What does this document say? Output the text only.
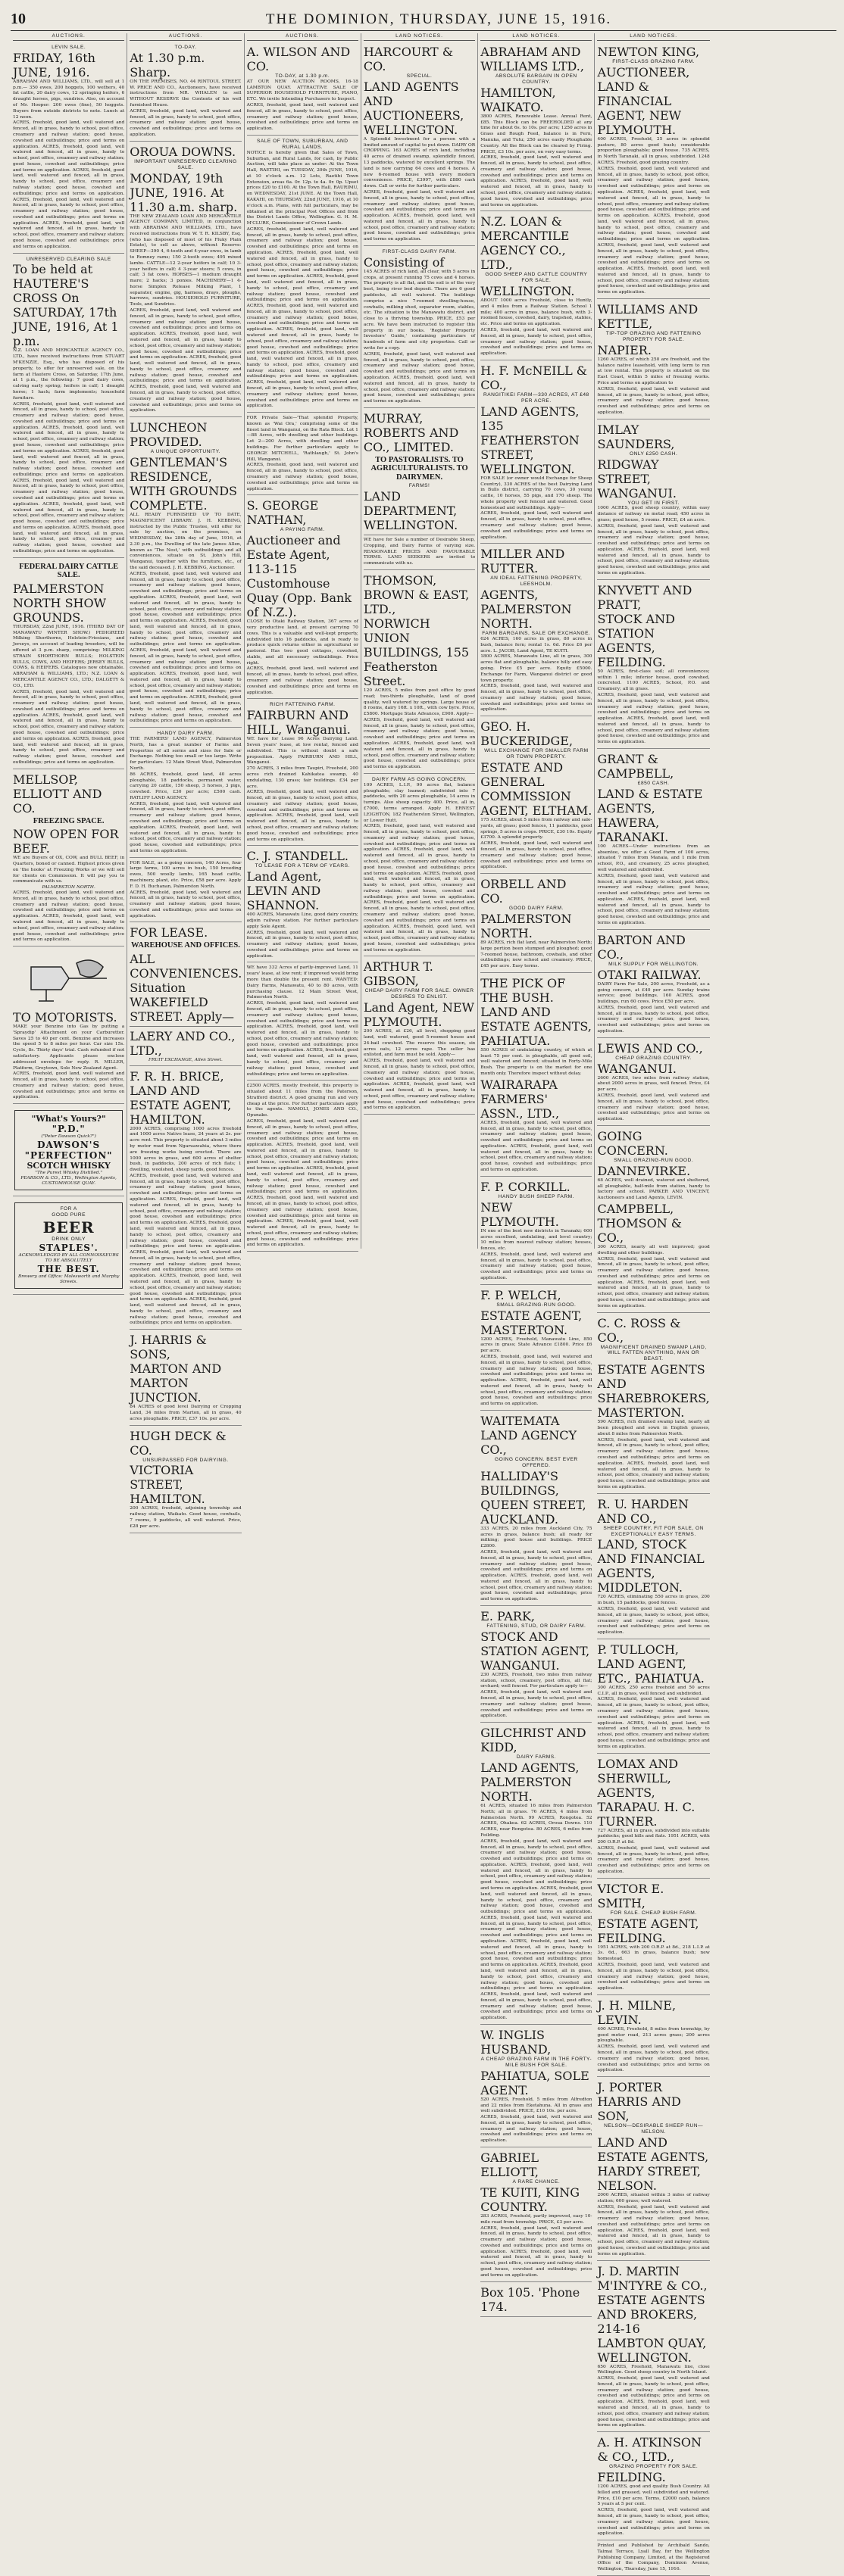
10	THE DOMINION, THURSDAY, JUNE 15, 1916.
AUCTIONS.
LEVIN SALE.
FRIDAY, 16th JUNE, 1916.
ABRAHAM AND WILLIAMS, LTD., will sell at 1 p.m.— 350 ewes, 200 hoggets, 100 wethers, 40 fat cattle, 20 dairy cows, 12 springing heifers, 6 draught horses, pigs, sundries. Also, on account of Mr. Hooper: 200 ewes (fine), 50 hoggets. Buyers from outside districts to note. Lunch at 12 noon.
ACRES, freehold, good land, well watered and fenced, all in grass, handy to school, post office, creamery and railway station; good house, cowshed and outbuildings; price and terms on application. ACRES, freehold, good land, well watered and fenced, all in grass, handy to school, post office, creamery and railway station; good house, cowshed and outbuildings; price and terms on application. ACRES, freehold, good land, well watered and fenced, all in grass, handy to school, post office, creamery and railway station; good house, cowshed and outbuildings; price and terms on application. ACRES, freehold, good land, well watered and fenced, all in grass, handy to school, post office, creamery and railway station; good house, cowshed and outbuildings; price and terms on application. ACRES, freehold, good land, well watered and fenced, all in grass, handy to school, post office, creamery and railway station; good house, cowshed and outbuildings; price and terms on application.
UNRESERVED CLEARING SALE
To be held at HAUTERE'S CROSS On SATURDAY, 17th JUNE, 1916, At 1 p.m.
N.Z. LOAN AND MERCANTILE AGENCY CO., LTD., have received instructions from STUART M'KENZIE, Esq., who has disposed of his property, to offer for unreserved sale, on the farm at Hautere Cross, on Saturday, 17th June, at 1 p.m., the following: 7 good dairy cows, calving early spring; heifers in calf; 1 draught horse; 1 hack; farm implements; household furniture.
ACRES, freehold, good land, well watered and fenced, all in grass, handy to school, post office, creamery and railway station; good house, cowshed and outbuildings; price and terms on application. ACRES, freehold, good land, well watered and fenced, all in grass, handy to school, post office, creamery and railway station; good house, cowshed and outbuildings; price and terms on application. ACRES, freehold, good land, well watered and fenced, all in grass, handy to school, post office, creamery and railway station; good house, cowshed and outbuildings; price and terms on application. ACRES, freehold, good land, well watered and fenced, all in grass, handy to school, post office, creamery and railway station; good house, cowshed and outbuildings; price and terms on application. ACRES, freehold, good land, well watered and fenced, all in grass, handy to school, post office, creamery and railway station; good house, cowshed and outbuildings; price and terms on application. ACRES, freehold, good land, well watered and fenced, all in grass, handy to school, post office, creamery and railway station; good house, cowshed and outbuildings; price and terms on application.
FEDERAL DAIRY CATTLE SALE.
PALMERSTON NORTH SHOW GROUNDS.
THURSDAY, 22nd JUNE, 1916. (THIRD DAY OF MANAWATU WINTER SHOW.) PEDIGREED Milking Shorthorns, Holstein-Friesians, and Jerseys, on account of leading breeders, will be offered at 3 p.m. sharp, comprising: MILKING STRAIN SHORTHORN BULLS; HOLSTEIN BULLS, COWS, AND HEIFERS; JERSEY BULLS, COWS, & HEIFERS. Catalogues now obtainable. ABRAHAM & WILLIAMS, LTD.; N.Z. LOAN & MERCANTILE AGENCY CO., LTD.; DALGETY & CO., LTD.
ACRES, freehold, good land, well watered and fenced, all in grass, handy to school, post office, creamery and railway station; good house, cowshed and outbuildings; price and terms on application. ACRES, freehold, good land, well watered and fenced, all in grass, handy to school, post office, creamery and railway station; good house, cowshed and outbuildings; price and terms on application. ACRES, freehold, good land, well watered and fenced, all in grass, handy to school, post office, creamery and railway station; good house, cowshed and outbuildings; price and terms on application.
MELLSOP, ELLIOTT AND CO.
FREEZING SPACE.
NOW OPEN FOR BEEF.
WE are Buyers of OX, COW, and BULL BEEF, in Quarters, boned or canned. Highest prices given on 'the hooks' at Freezing Works or we will sell for clients on Commission. It will pay you to communicate with us.
PALMERSTON NORTH.
ACRES, freehold, good land, well watered and fenced, all in grass, handy to school, post office, creamery and railway station; good house, cowshed and outbuildings; price and terms on application. ACRES, freehold, good land, well watered and fenced, all in grass, handy to school, post office, creamery and railway station; good house, cowshed and outbuildings; price and terms on application.
TO MOTORISTS.
MAKE your Benzine into Gas by putting a 'Spraydip' Attachment on your Carburettor. Saves 25 to 40 per cent. Benzine and increases the speed 5 to 8 miles per hour. Car size 15s. Cycle, 8s. Thirty days' trial. Cash refunded if not satisfactory. Applicants please enclose addressed envelope for reply. R. MILLER, Platform, Greytown, Sole New Zealand Agent.
ACRES, freehold, good land, well watered and fenced, all in grass, handy to school, post office, creamery and railway station; good house, cowshed and outbuildings; price and terms on application.
"What's Yours?"
"P.D."
("Peter Dawson Quick?")
DAWSON'S
"PERFECTION"
SCOTCH WHISKY
"The Purest Whisky Distilled."
PEARSON & CO., LTD., Wellington Agents, CUSTOMHOUSE QUAY.
FOR A
GOOD PURE
BEER
DRINK ONLY
STAPLES'.
ACKNOWLEDGED BY ALL CONNOISSEURS TO BE ABSOLUTELY
THE BEST.
Brewery and Office: Molesworth and Murphy Streets.
AUCTIONS.
TO-DAY.
At 1.30 p.m. Sharp.
ON THE PREMISES, NO. 44 RINTOUL STREET. W. PRICE AND CO., Auctioneers, have received instructions from MR. WHALEN to sell WITHOUT RESERVE the Contents of his well furnished House.
ACRES, freehold, good land, well watered and fenced, all in grass, handy to school, post office, creamery and railway station; good house, cowshed and outbuildings; price and terms on application.
OROUA DOWNS.
IMPORTANT UNRESERVED CLEARING SALE.
MONDAY, 19th JUNE, 1916. At 11.30 a.m. sharp.
THE NEW ZEALAND LOAN AND MERCANTILE AGENCY COMPANY, LIMITED, in conjunction with ABRAHAM AND WILLIAMS, LTD., have received instructions from W. T. R. KILSBY, Esq. (who has disposed of most of his Fluky Plain Estate), to sell as above, without Reserve: SHEEP—390 4, 6-tooth and 4-year ewes, in lamb to Romney rams; 150 2-tooth ewes; 495 mixed lambs. CATTLE—12 2-year heifers in calf; 10 3-year heifers in calf; 4 3-year steers; 5 cows, in calf; 3 fat cows. HORSES—1 medium draught mare; 2 hacks; 3 ponies. MACHINERY—1 4-horse Simplex Release Milking Plant, 1 separator, engine, gig, harness, drays, ploughs, harrows, sundries. HOUSEHOLD FURNITURE, Tools, and Sundries.
ACRES, freehold, good land, well watered and fenced, all in grass, handy to school, post office, creamery and railway station; good house, cowshed and outbuildings; price and terms on application. ACRES, freehold, good land, well watered and fenced, all in grass, handy to school, post office, creamery and railway station; good house, cowshed and outbuildings; price and terms on application. ACRES, freehold, good land, well watered and fenced, all in grass, handy to school, post office, creamery and railway station; good house, cowshed and outbuildings; price and terms on application. ACRES, freehold, good land, well watered and fenced, all in grass, handy to school, post office, creamery and railway station; good house, cowshed and outbuildings; price and terms on application.
LUNCHEON PROVIDED.
A UNIQUE OPPORTUNITY.
GENTLEMAN'S RESIDENCE, WITH GROUNDS COMPLETE.
ALL READY FURNISHED UP TO DATE, MAGNIFICENT LIBRARY. J. H. KEBBING, instructed by the Public Trustee, will offer for sale by auction, on the premises, on WEDNESDAY, the 28th day of June, 1916, at 2.30 p.m., the Dwelling of the late James Allen, known as 'The Nest,' with outbuildings and all conveniences, situate on St. John's Hill, Wanganui, together with the furniture, etc., of the said deceased. J. H. KEBBING, Auctioneer.
ACRES, freehold, good land, well watered and fenced, all in grass, handy to school, post office, creamery and railway station; good house, cowshed and outbuildings; price and terms on application. ACRES, freehold, good land, well watered and fenced, all in grass, handy to school, post office, creamery and railway station; good house, cowshed and outbuildings; price and terms on application. ACRES, freehold, good land, well watered and fenced, all in grass, handy to school, post office, creamery and railway station; good house, cowshed and outbuildings; price and terms on application. ACRES, freehold, good land, well watered and fenced, all in grass, handy to school, post office, creamery and railway station; good house, cowshed and outbuildings; price and terms on application. ACRES, freehold, good land, well watered and fenced, all in grass, handy to school, post office, creamery and railway station; good house, cowshed and outbuildings; price and terms on application. ACRES, freehold, good land, well watered and fenced, all in grass, handy to school, post office, creamery and railway station; good house, cowshed and outbuildings; price and terms on application.
HANDY DAIRY FARM.
THE FARMERS' LAND AGENCY, Palmerston North, has a great number of Farms and Properties of all sorms and sizes for Sale or Exchange. Nothing too small or too large. Write for particulars. 12 Main Street West, Palmerston North.
86 ACRES, freehold, good land, 40 acres ploughable, 18 paddocks, permanent water, carrying 20 cattle, 150 sheep, 3 horses, 3 pigs, cowshed. Price, £30 per acre; £500 cash. RATLIFF LAND AGENCY.
ACRES, freehold, good land, well watered and fenced, all in grass, handy to school, post office, creamery and railway station; good house, cowshed and outbuildings; price and terms on application. ACRES, freehold, good land, well watered and fenced, all in grass, handy to school, post office, creamery and railway station; good house, cowshed and outbuildings; price and terms on application.
FOR SALE, as a going concern, 140 Acres, four large farms, 100 acres in bush, 150 breeding ewes, 500 woolly lambs, 165 head cattle, machinery, plant, etc. Price, £58 per acre. Apply F. D. H. Buchanan, Palmerston North.
ACRES, freehold, good land, well watered and fenced, all in grass, handy to school, post office, creamery and railway station; good house, cowshed and outbuildings; price and terms on application.
FOR LEASE.
WAREHOUSE AND OFFICES.
ALL CONVENIENCES. Situation WAKEFIELD STREET. Apply—
LAERY AND CO., LTD.,
FRUIT EXCHANGE, Allen Street.
F. R. H. BRICE,
LAND AND ESTATE AGENT, HAMILTON.
2000 ACRES, comprising 1000 acres freehold and 1000 acres Native lease, 24 years at 2s. per acre rent. This property is situated about 3 miles by motor road from Ngaruawahia, where there are freezing works being erected. There are 1000 acres in grass, and 600 acres of shelter bush, in paddocks, 200 acres of rich flats; 1 dwelling, woolshed, sheep yards, good fences.
ACRES, freehold, good land, well watered and fenced, all in grass, handy to school, post office, creamery and railway station; good house, cowshed and outbuildings; price and terms on application. ACRES, freehold, good land, well watered and fenced, all in grass, handy to school, post office, creamery and railway station; good house, cowshed and outbuildings; price and terms on application. ACRES, freehold, good land, well watered and fenced, all in grass, handy to school, post office, creamery and railway station; good house, cowshed and outbuildings; price and terms on application. ACRES, freehold, good land, well watered and fenced, all in grass, handy to school, post office, creamery and railway station; good house, cowshed and outbuildings; price and terms on application. ACRES, freehold, good land, well watered and fenced, all in grass, handy to school, post office, creamery and railway station; good house, cowshed and outbuildings; price and terms on application. ACRES, freehold, good land, well watered and fenced, all in grass, handy to school, post office, creamery and railway station; good house, cowshed and outbuildings; price and terms on application.
J. HARRIS & SONS,
MARTON AND MARTON JUNCTION.
84 ACRES of good level Dairying or Cropping Land, 34 miles from Marton, all in grass, 40 acres ploughable. PRICE, £37 10s. per acre.
HUGH DECK & CO.
UNSURPASSED FOR DAIRYING.
VICTORIA STREET, HAMILTON.
200 ACRES, freehold, adjoining township and railway station, Waikato. Good house, cowbails, 7 rooms, 9 paddocks, all well watered. Price, £28 per acre.
AUCTIONS.
A. WILSON AND CO.
TO-DAY, at 1.30 p.m.
AT OUR NEW AUCTION ROOMS, 16-18 LAMBTON QUAY. ATTRACTIVE SALE OF SUPERIOR HOUSEHOLD FURNITURE, PIANO, ETC. We invite Intending Purchasers to Inspect.
ACRES, freehold, good land, well watered and fenced, all in grass, handy to school, post office, creamery and railway station; good house, cowshed and outbuildings; price and terms on application.
SALE OF TOWN, SUBURBAN, AND RURAL LANDS.
NOTICE is hereby given that Sales of Town, Suburban, and Rural Lands, for cash, by Public Auction, will take place as under: At the Town Hall, RAETIHI, on TUESDAY, 20th JUNE, 1916, at 10 o'clock a.m. 12 Lots, Raetihi Town Extension, areas 6a. 0r. 12p. to 4a. 0r. 0p. Upset prices £20 to £100. At the Town Hall, RAURIMU, on WEDNESDAY, 21st JUNE. At the Town Hall, KAKAHI, on THURSDAY, 22nd JUNE, 1916, at 10 o'clock a.m. Plans, with full particulars, may be obtained at the principal Post Offices and from the District Lands Office, Wellington. G. H. M. M'CLURE, Commissioner of Crown Lands.
ACRES, freehold, good land, well watered and fenced, all in grass, handy to school, post office, creamery and railway station; good house, cowshed and outbuildings; price and terms on application. ACRES, freehold, good land, well watered and fenced, all in grass, handy to school, post office, creamery and railway station; good house, cowshed and outbuildings; price and terms on application. ACRES, freehold, good land, well watered and fenced, all in grass, handy to school, post office, creamery and railway station; good house, cowshed and outbuildings; price and terms on application. ACRES, freehold, good land, well watered and fenced, all in grass, handy to school, post office, creamery and railway station; good house, cowshed and outbuildings; price and terms on application. ACRES, freehold, good land, well watered and fenced, all in grass, handy to school, post office, creamery and railway station; good house, cowshed and outbuildings; price and terms on application. ACRES, freehold, good land, well watered and fenced, all in grass, handy to school, post office, creamery and railway station; good house, cowshed and outbuildings; price and terms on application. ACRES, freehold, good land, well watered and fenced, all in grass, handy to school, post office, creamery and railway station; good house, cowshed and outbuildings; price and terms on application.
FOR Private Sale—'That splendid Property, known as 'Wai Ora,' comprising some of the finest land in Wanganui, on the Rata Block. Lot 1—88 Acres, with dwelling and other buildings. Lot 2—200 Acres, with dwelling and other buildings. For further particulars apply to GEORGE MITCHELL, 'Rathlaugh,' St. John's Hill, Wanganui.
ACRES, freehold, good land, well watered and fenced, all in grass, handy to school, post office, creamery and railway station; good house, cowshed and outbuildings; price and terms on application.
S. GEORGE NATHAN,
A PAYING FARM.
Auctioneer and Estate Agent, 113-115 Customhouse Quay (Opp. Bank of N.Z.).
CLOSE to Otaki Railway Station, 367 acres of very productive land, at present carrying 70 cows. This is a valuable and well-kept property, subdivided into 16 paddocks, and is ready to produce quick returns either in agricultural or pastoral. Has two good cottages, cowshed, stable, and all necessary outbuildings. Price right.
ACRES, freehold, good land, well watered and fenced, all in grass, handy to school, post office, creamery and railway station; good house, cowshed and outbuildings; price and terms on application.
RICH FATTENING FARM.
FAIRBURN AND HILL, Wanganui.
WE have for Lease 96 Acres Dairying Land. Seven years' lease, at low rental, fenced and subdivided. This is without doubt a safe proposition. Apply FAIRBURN AND HILL, Wanganui.
270 ACRES, 3 miles from Taupiri, Freehold, 200 acres rich drained Kahikatea swamp, 40 undulating, 130 grass; fair buildings. £34 per acre.
ACRES, freehold, good land, well watered and fenced, all in grass, handy to school, post office, creamery and railway station; good house, cowshed and outbuildings; price and terms on application. ACRES, freehold, good land, well watered and fenced, all in grass, handy to school, post office, creamery and railway station; good house, cowshed and outbuildings; price and terms on application.
C. J. STANDELL.
TO LEASE FOR A TERM OF YEARS.
Land Agent, LEVIN AND SHANNON.
400 ACRES, Manawatu Line, good dairy country, adjoin railway station. For further particulars apply Sole Agent.
ACRES, freehold, good land, well watered and fenced, all in grass, handy to school, post office, creamery and railway station; good house, cowshed and outbuildings; price and terms on application.
WE have 332 Acres of partly-improved Land, 11 years' lease, at low rent; if improved would bring more than double the present rent. WANTED: Dairy Farms, Manawatu, 40 to 80 acres, with purchasing clause. 12 Main Street West, Palmerston North.
ACRES, freehold, good land, well watered and fenced, all in grass, handy to school, post office, creamery and railway station; good house, cowshed and outbuildings; price and terms on application. ACRES, freehold, good land, well watered and fenced, all in grass, handy to school, post office, creamery and railway station; good house, cowshed and outbuildings; price and terms on application. ACRES, freehold, good land, well watered and fenced, all in grass, handy to school, post office, creamery and railway station; good house, cowshed and outbuildings; price and terms on application.
£2500 ACRES, mostly freehold, this property is situated about 11 miles from the Paterson, Stratford district. A good grazing run and very cheap at the price. For further particulars apply to the agents. NAMOLI, JONES AND CO., Opunake.
ACRES, freehold, good land, well watered and fenced, all in grass, handy to school, post office, creamery and railway station; good house, cowshed and outbuildings; price and terms on application. ACRES, freehold, good land, well watered and fenced, all in grass, handy to school, post office, creamery and railway station; good house, cowshed and outbuildings; price and terms on application. ACRES, freehold, good land, well watered and fenced, all in grass, handy to school, post office, creamery and railway station; good house, cowshed and outbuildings; price and terms on application. ACRES, freehold, good land, well watered and fenced, all in grass, handy to school, post office, creamery and railway station; good house, cowshed and outbuildings; price and terms on application. ACRES, freehold, good land, well watered and fenced, all in grass, handy to school, post office, creamery and railway station; good house, cowshed and outbuildings; price and terms on application.
LAND NOTICES.
HARCOURT & CO.
SPECIAL.
LAND AGENTS AND AUCTIONEERS, WELLINGTON.
A Splendid Investment for a person with a limited amount of capital to put down. DAIRY OR CROPPING. 163 ACRES of rich land, including 40 acres of drained swamp, splendidly fenced, 13 paddocks, watered by excellent springs. The land is now carrying 64 cows and 4 horses. A new 6-roomed house with every modern convenience. PRICE, £3997, with £880 cash down. Call or write for further particulars.
ACRES, freehold, good land, well watered and fenced, all in grass, handy to school, post office, creamery and railway station; good house, cowshed and outbuildings; price and terms on application. ACRES, freehold, good land, well watered and fenced, all in grass, handy to school, post office, creamery and railway station; good house, cowshed and outbuildings; price and terms on application.
FIRST-CLASS DAIRY FARM.
Consisting of
145 ACRES of rich land, all clear, with 5 acres in crops, at present running 75 cows and 4 horses. The property is all flat, and the soil is of the very best, being river bed deposit. There are 6 good paddocks, all well watered. The buildings comprise a nice 7-roomed dwelling-house, cowbails, milking shed, separator room, stables, etc. The situation is the Manawatu district, and close to a thriving township. PRICE, £53 per acre. We have been instructed to register this property in our books. 'Register Property Investors' Guide,' containing particulars of hundreds of farm and city properties. Call or write for a copy.
ACRES, freehold, good land, well watered and fenced, all in grass, handy to school, post office, creamery and railway station; good house, cowshed and outbuildings; price and terms on application. ACRES, freehold, good land, well watered and fenced, all in grass, handy to school, post office, creamery and railway station; good house, cowshed and outbuildings; price and terms on application.
MURRAY, ROBERTS AND CO., LIMITED.
TO PASTORALISTS. TO AGRICULTURALISTS. TO DAIRYMEN.
FARMS!
LAND DEPARTMENT, WELLINGTON.
WE have for Sale a number of Desirable Sheep, Cropping, and Dairy Farms of varying size. REASONABLE PRICES AND FAVOURABLE TERMS. LAND SEEKERS are invited to communicate with us.
THOMSON, BROWN & EAST, LTD.,
NORWICH UNION BUILDINGS, 155 Featherston Street.
120 ACRES, 5 miles from post office by good road; two-thirds ploughable, land of good quality, well watered by springs. Large house of 8 rooms, dairy 16ft. x 10ft., with cow byre. Price, £5800. Mortgage State Advances, £900. Apply—
ACRES, freehold, good land, well watered and fenced, all in grass, handy to school, post office, creamery and railway station; good house, cowshed and outbuildings; price and terms on application. ACRES, freehold, good land, well watered and fenced, all in grass, handy to school, post office, creamery and railway station; good house, cowshed and outbuildings; price and terms on application.
DAIRY FARM AS GOING CONCERN.
109 ACRES, L.I.P., 90 acres flat, balance ploughable; clay loamed; subdivided into 7 paddocks, with 20 acres ploughable, 14 acres in turnips. Also sheep capacity 400. Price, all in, £7000, terms arranged. Apply H. ERNEST LEIGHTON, 182 Featherston Street, Wellington, or Lower Hutt.
ACRES, freehold, good land, well watered and fenced, all in grass, handy to school, post office, creamery and railway station; good house, cowshed and outbuildings; price and terms on application. ACRES, freehold, good land, well watered and fenced, all in grass, handy to school, post office, creamery and railway station; good house, cowshed and outbuildings; price and terms on application. ACRES, freehold, good land, well watered and fenced, all in grass, handy to school, post office, creamery and railway station; good house, cowshed and outbuildings; price and terms on application. ACRES, freehold, good land, well watered and fenced, all in grass, handy to school, post office, creamery and railway station; good house, cowshed and outbuildings; price and terms on application. ACRES, freehold, good land, well watered and fenced, all in grass, handy to school, post office, creamery and railway station; good house, cowshed and outbuildings; price and terms on application.
ARTHUR T. GIBSON,
CHEAP DAIRY FARM FOR SALE. OWNER DESIRES TO ENLIST.
Land Agent, NEW PLYMOUTH.
200 ACRES, at £26, all level, shopping good land, well watered, good 5-roomed house and 24-bail cowshed. The reserve this season, six acres oats, 12 acres rape. The seller has enlisted, and farm must be sold. Apply—
ACRES, freehold, good land, well watered and fenced, all in grass, handy to school, post office, creamery and railway station; good house, cowshed and outbuildings; price and terms on application. ACRES, freehold, good land, well watered and fenced, all in grass, handy to school, post office, creamery and railway station; good house, cowshed and outbuildings; price and terms on application.
LAND NOTICES.
ABRAHAM AND WILLIAMS LTD.,
ABSOLUTE BARGAIN IN OPEN COUNTRY.
HAMILTON, WAIKATO.
3800 ACRES, Renewable Lease. Annual Rent, £85. This Block can be FREEHOLDED at any time for about 6s. to 10s. per acre; 1250 acres in Grass and Rough Feed, balance is in Fern, Manuka, and Tutu; 250 acres easily Ploughable Country. All the Block can be cleared by Firing. PRICE, £3 10s. per acre, on very easy terms.
ACRES, freehold, good land, well watered and fenced, all in grass, handy to school, post office, creamery and railway station; good house, cowshed and outbuildings; price and terms on application. ACRES, freehold, good land, well watered and fenced, all in grass, handy to school, post office, creamery and railway station; good house, cowshed and outbuildings; price and terms on application.
N.Z. LOAN & MERCANTILE AGENCY CO., LTD.,
GOOD SHEEP AND CATTLE COUNTRY FOR SALE.
WELLINGTON.
ABOUT 1000 acres Freehold, close to Huntly, and 4 miles from a Railway Station. School 1 mile; 400 acres in grass, balance bush, with 3-roomed house, cowshed, dairy, trapshed, stables, etc. Price and terms on application.
ACRES, freehold, good land, well watered and fenced, all in grass, handy to school, post office, creamery and railway station; good house, cowshed and outbuildings; price and terms on application.
H. F. McNEILL & CO.,
RANGITIKEI FARM—330 ACRES, AT £48 PER ACRE.
LAND AGENTS, 135 FEATHERSTON STREET, WELLINGTON.
FOR SALE (or owner would Exchange for Sheep Country), 330 ACRES of the best Dairying Land in Bulls district, carrying 70 cows, 30 young cattle, 10 horses, 55 pigs, and 170 sheep. The whole property well fenced and watered. Good homestead and outbuildings. Apply—
ACRES, freehold, good land, well watered and fenced, all in grass, handy to school, post office, creamery and railway station; good house, cowshed and outbuildings; price and terms on application.
MILLER AND RUTTER.
AN IDEAL FATTENING PROPERTY, LEESHOLM.
AGENTS, PALMERSTON NORTH.
FARM BARGAINS, SALE OR EXCHANGE.
624 ACRES, 160 acres in grass, 80 acres in bush, balance fern; rental 1s. 6d. Price £6 per acre. L. JACOB, Land Agent, TE KUITI.
1800 ACRES, Manawatu Line, all in grass, 300 acres flat and ploughable, balance hilly and easy going. Price £5 per acre. Equity £5000. Exchange for Farm, Wanganui district or good town property.
ACRES, freehold, good land, well watered and fenced, all in grass, handy to school, post office, creamery and railway station; good house, cowshed and outbuildings; price and terms on application.
GEO. H. BUCKERIDGE,
WILL EXCHANGE FOR SMALLER FARM OR TOWN PROPERTY.
ESTATE AND GENERAL COMMISSION AGENT, ELTHAM.
175 ACRES, about 5 miles from railway and sale-yards, all grass; good fences, 11 paddocks, good springs, 5 acres in crops. PRICE, £30 10s. Equity £3700. A splendid property.
ACRES, freehold, good land, well watered and fenced, all in grass, handy to school, post office, creamery and railway station; good house, cowshed and outbuildings; price and terms on application.
ORBELL AND CO.
GOOD DAIRY FARM.
PALMERSTON NORTH.
89 ACRES, rich flat land, near Palmerston North; large portion been stumped and ploughed; good 7-roomed house, bathroom, cowbails, and other outbuildings; new school and creamery. PRICE, £45 per acre. Easy terms.
THE PICK OF THE BUSH.
LAND AND ESTATE AGENTS, PAHIATUA.
550 ACRES of undulating country, of which at least 75 per cent. is ploughable, all good soil, well watered and fenced; situated in Forty-Mile Bush. The property is on the market for one month only. Therefore inspect without delay.
WAIRARAPA FARMERS' ASSN., LTD.,
ACRES, freehold, good land, well watered and fenced, all in grass, handy to school, post office, creamery and railway station; good house, cowshed and outbuildings; price and terms on application. ACRES, freehold, good land, well watered and fenced, all in grass, handy to school, post office, creamery and railway station; good house, cowshed and outbuildings; price and terms on application.
F. P. CORKILL.
HANDY BUSH SHEEP FARM.
NEW PLYMOUTH.
IN one of the best new districts in Taranaki; 600 acres excellent, undulating, and level country; 10 miles from nearest railway station; houses, fences, etc.
ACRES, freehold, good land, well watered and fenced, all in grass, handy to school, post office, creamery and railway station; good house, cowshed and outbuildings; price and terms on application.
F. P. WELCH,
SMALL GRAZING-RUN GOOD.
ESTATE AGENT, MASTERTON.
1200 ACRES, Freehold, Manawatu Line, 850 acres in grass; State Advance £1800. Price £6 per acre.
ACRES, freehold, good land, well watered and fenced, all in grass, handy to school, post office, creamery and railway station; good house, cowshed and outbuildings; price and terms on application. ACRES, freehold, good land, well watered and fenced, all in grass, handy to school, post office, creamery and railway station; good house, cowshed and outbuildings; price and terms on application.
WAITEMATA LAND AGENCY CO.,
GOING CONCERN. BEST EVER OFFERED.
HALLIDAY'S BUILDINGS, QUEEN STREET, AUCKLAND.
333 ACRES, 20 miles from Auckland City, 75 acres in grass, balance bush; all ready for milking; good house and buildings. PRICE £2800.
ACRES, freehold, good land, well watered and fenced, all in grass, handy to school, post office, creamery and railway station; good house, cowshed and outbuildings; price and terms on application. ACRES, freehold, good land, well watered and fenced, all in grass, handy to school, post office, creamery and railway station; good house, cowshed and outbuildings; price and terms on application.
E. PARK,
FATTENING, STUD, OR DAIRY FARM.
STOCK AND STATION AGENT, WANGANUI.
230 ACRES, Freehold, two miles from railway station, school, creamery, post office, all flat; orchard; well fenced. For particulars apply to—
ACRES, freehold, good land, well watered and fenced, all in grass, handy to school, post office, creamery and railway station; good house, cowshed and outbuildings; price and terms on application.
GILCHRIST AND KIDD,
DAIRY FARMS.
LAND AGENTS, PALMERSTON NORTH.
61 ACRES, situated 16 miles from Palmerston North; all in grass. 76 ACRES, 4 miles from Palmerston North. 99 ACRES, Rongotea. 52 ACRES, Ohakea. 62 ACRES, Oroua Downs. 110 ACRES, near Rongotea. 80 ACRES, 6 miles from Feilding.
ACRES, freehold, good land, well watered and fenced, all in grass, handy to school, post office, creamery and railway station; good house, cowshed and outbuildings; price and terms on application. ACRES, freehold, good land, well watered and fenced, all in grass, handy to school, post office, creamery and railway station; good house, cowshed and outbuildings; price and terms on application. ACRES, freehold, good land, well watered and fenced, all in grass, handy to school, post office, creamery and railway station; good house, cowshed and outbuildings; price and terms on application. ACRES, freehold, good land, well watered and fenced, all in grass, handy to school, post office, creamery and railway station; good house, cowshed and outbuildings; price and terms on application. ACRES, freehold, good land, well watered and fenced, all in grass, handy to school, post office, creamery and railway station; good house, cowshed and outbuildings; price and terms on application. ACRES, freehold, good land, well watered and fenced, all in grass, handy to school, post office, creamery and railway station; good house, cowshed and outbuildings; price and terms on application. ACRES, freehold, good land, well watered and fenced, all in grass, handy to school, post office, creamery and railway station; good house, cowshed and outbuildings; price and terms on application.
W. INGLIS HUSBAND,
A CHEAP GRAZING FARM IN THE FORTY-MILE BUSH FOR SALE.
PAHIATUA, SOLE AGENT.
520 ACRES, Freehold, 5 miles from Alfredton and 22 miles from Eketahuna. All in grass and well subdivided. PRICE, £10 10s. per acre.
ACRES, freehold, good land, well watered and fenced, all in grass, handy to school, post office, creamery and railway station; good house, cowshed and outbuildings; price and terms on application.
GABRIEL ELLIOTT,
A RARE CHANCE.
TE KUITI, KING COUNTRY.
283 ACRES, Freehold, partly improved, easy 10-mile road from township. PRICE, £3 per acre.
ACRES, freehold, good land, well watered and fenced, all in grass, handy to school, post office, creamery and railway station; good house, cowshed and outbuildings; price and terms on application. ACRES, freehold, good land, well watered and fenced, all in grass, handy to school, post office, creamery and railway station; good house, cowshed and outbuildings; price and terms on application.
Box 105. 'Phone 174.
LAND NOTICES.
NEWTON KING,
FIRST-CLASS GRAZING FARM.
AUCTIONEER, LAND & FINANCIAL AGENT, NEW PLYMOUTH.
400 ACRES, Freehold, 25 acres in splendid pasture, 80 acres good bush; considerable proportion ploughable; good house. 735 ACRES, in North Taranaki, all in grass, subdivided. 1248 ACRES, Freehold, good grazing country.
ACRES, freehold, good land, well watered and fenced, all in grass, handy to school, post office, creamery and railway station; good house, cowshed and outbuildings; price and terms on application. ACRES, freehold, good land, well watered and fenced, all in grass, handy to school, post office, creamery and railway station; good house, cowshed and outbuildings; price and terms on application. ACRES, freehold, good land, well watered and fenced, all in grass, handy to school, post office, creamery and railway station; good house, cowshed and outbuildings; price and terms on application. ACRES, freehold, good land, well watered and fenced, all in grass, handy to school, post office, creamery and railway station; good house, cowshed and outbuildings; price and terms on application. ACRES, freehold, good land, well watered and fenced, all in grass, handy to school, post office, creamery and railway station; good house, cowshed and outbuildings; price and terms on application.
WILLIAMS AND KETTLE,
TIP-TOP GRAZING AND FATTENING PROPERTY FOR SALE.
NAPIER.
1260 ACRES, of which 250 are freehold, and the balance native leasehold, with long term to run at low rental. This property is situated on the East Coast, within 5 miles of freezing works. Price and terms on application to
ACRES, freehold, good land, well watered and fenced, all in grass, handy to school, post office, creamery and railway station; good house, cowshed and outbuildings; price and terms on application.
IMLAY SAUNDERS,
ONLY £250 CASH.
RIDGWAY STREET, WANGANUI.
YOU GET IN FIRST.
1000 ACRES, good sheep country, within easy distance of railway on metal road; 450 acres in grass; good house, 5 rooms. PRICE, £4 an acre.
ACRES, freehold, good land, well watered and fenced, all in grass, handy to school, post office, creamery and railway station; good house, cowshed and outbuildings; price and terms on application. ACRES, freehold, good land, well watered and fenced, all in grass, handy to school, post office, creamery and railway station; good house, cowshed and outbuildings; price and terms on application.
KNYVETT AND PRATT,
STOCK AND STATION AGENTS, FEILDING.
50 ACRES, first-class soil; all conveniences; within 1 mile; inferior house, good cowshed, concreted. 1100 ACRES, School, P.O. and Creamery; all in grass.
ACRES, freehold, good land, well watered and fenced, all in grass, handy to school, post office, creamery and railway station; good house, cowshed and outbuildings; price and terms on application. ACRES, freehold, good land, well watered and fenced, all in grass, handy to school, post office, creamery and railway station; good house, cowshed and outbuildings; price and terms on application.
GRANT & CAMPBELL,
£850 CASH.
LAND & ESTATE AGENTS, HAWERA, TARANAKI.
100 ACRES—Under instructions from an absentee, we offer a Good Farm of 100 acres, situated 7 miles from Manaia, and 1 mile from school, P.O., and creamery, 25 acres ploughed, well watered and subdivided.
ACRES, freehold, good land, well watered and fenced, all in grass, handy to school, post office, creamery and railway station; good house, cowshed and outbuildings; price and terms on application. ACRES, freehold, good land, well watered and fenced, all in grass, handy to school, post office, creamery and railway station; good house, cowshed and outbuildings; price and terms on application.
BARTON AND CO.,
MILK SUPPLY FOR WELLINGTON.
OTAKI RAILWAY.
DAIRY Farm For Sale, 200 acres, Freehold, as a going concern, at £40 per acre. Sunday trains service; good buildings. 160 ACRES, good buildings, run 60 cows. Price £50 per acre.
ACRES, freehold, good land, well watered and fenced, all in grass, handy to school, post office, creamery and railway station; good house, cowshed and outbuildings; price and terms on application.
LEWIS AND CO.,
CHEAP GRAZING COUNTRY.
WANGANUI.
2600 ACRES, two miles from railway station, about 2000 acres in grass, well fenced. Price, £4 per acre.
ACRES, freehold, good land, well watered and fenced, all in grass, handy to school, post office, creamery and railway station; good house, cowshed and outbuildings; price and terms on application.
GOING CONCERN.
SMALL GRAZING-RUN GOOD.
DANNEVIRKE.
68 ACRES, well drained, watered and sheltered, all ploughable, half-mile from station, handy to factory and school. PARKER AND VINCENT, Auctioneers and Land Agents, LEVIN.
CAMPBELL, THOMSON & CO.,
300 ACRES, nearly all well improved; good dwelling and other buildings.
ACRES, freehold, good land, well watered and fenced, all in grass, handy to school, post office, creamery and railway station; good house, cowshed and outbuildings; price and terms on application. ACRES, freehold, good land, well watered and fenced, all in grass, handy to school, post office, creamery and railway station; good house, cowshed and outbuildings; price and terms on application.
C. C. ROSS & CO.,
MAGNIFICENT DRAINED SWAMP LAND, WILL FATTEN ANYTHING, MAN OR BEAST.
ESTATE AGENTS AND SHAREBROKERS, MASTERTON.
590 ACRES, rich drained swamp land, nearly all been ploughed and sown in English grasses, about 8 miles from Palmerston North.
ACRES, freehold, good land, well watered and fenced, all in grass, handy to school, post office, creamery and railway station; good house, cowshed and outbuildings; price and terms on application. ACRES, freehold, good land, well watered and fenced, all in grass, handy to school, post office, creamery and railway station; good house, cowshed and outbuildings; price and terms on application.
R. U. HARDEN AND CO.,
SHEEP COUNTRY, FIT FOR SALE, ON EXCEPTIONALLY EASY TERMS.
LAND, STOCK AND FINANCIAL AGENTS, MIDDLETON.
720 ACRES, eliminating 550 acres in grass, 200 in bush, 15 paddocks, good fences.
ACRES, freehold, good land, well watered and fenced, all in grass, handy to school, post office, creamery and railway station; good house, cowshed and outbuildings; price and terms on application.
P. TULLOCH,
LAND AGENT, ETC., PAHIATUA.
300 ACRES, 250 acres freehold and 50 acres C.I.P., all in grass, well fenced and subdivided.
ACRES, freehold, good land, well watered and fenced, all in grass, handy to school, post office, creamery and railway station; good house, cowshed and outbuildings; price and terms on application. ACRES, freehold, good land, well watered and fenced, all in grass, handy to school, post office, creamery and railway station; good house, cowshed and outbuildings; price and terms on application.
LOMAX AND SHERWILL,
AGENTS, TARAPAU. H. C. TURNER.
727 ACRES, all in grass, subdivided into suitable paddocks; good hills and flats. 1951 ACRES, with 200 O.R.P. at 8d.
ACRES, freehold, good land, well watered and fenced, all in grass, handy to school, post office, creamery and railway station; good house, cowshed and outbuildings; price and terms on application.
VICTOR E. SMITH,
FOR SALE. CHEAP BUSH FARM.
ESTATE AGENT, FEILDING.
1951 ACRES, with 200 O.R.P. at 8d., 218 L.I.P. at 3s. 6d., 663 in grass, balance bush; new homestead.
ACRES, freehold, good land, well watered and fenced, all in grass, handy to school, post office, creamery and railway station; good house, cowshed and outbuildings; price and terms on application.
J. H. MILNE,
LEVIN.
400 ACRES, Freehold, 8 miles from township, by good motor road, 213 acres grass; 200 acres ploughable.
ACRES, freehold, good land, well watered and fenced, all in grass, handy to school, post office, creamery and railway station; good house, cowshed and outbuildings; price and terms on application.
J. PORTER HARRIS AND SON,
NELSON—DESIRABLE SHEEP RUN—NELSON.
LAND AND ESTATE AGENTS, HARDY STREET, NELSON.
2000 ACRES, situated within 3 miles of railway station; 600 grass; well watered.
ACRES, freehold, good land, well watered and fenced, all in grass, handy to school, post office, creamery and railway station; good house, cowshed and outbuildings; price and terms on application. ACRES, freehold, good land, well watered and fenced, all in grass, handy to school, post office, creamery and railway station; good house, cowshed and outbuildings; price and terms on application.
J. D. MARTIN M'INTYRE & CO.,
ESTATE AGENTS AND BROKERS, 214-16 LAMBTON QUAY, WELLINGTON.
650 ACRES, Freehold, Manawatu line, close Wellington. Good sheep country in North Island.
ACRES, freehold, good land, well watered and fenced, all in grass, handy to school, post office, creamery and railway station; good house, cowshed and outbuildings; price and terms on application. ACRES, freehold, good land, well watered and fenced, all in grass, handy to school, post office, creamery and railway station; good house, cowshed and outbuildings; price and terms on application.
A. H. ATKINSON & CO., LTD.,
GRAZING PROPERTY FOR SALE.
FEILDING.
1200 ACRES, good and quality Bush Country. All felled and grassed, well subdivided and watered. Price, £10 per acre. Terms, £2000 cash, balance 5 years at 5 per cent.
ACRES, freehold, good land, well watered and fenced, all in grass, handy to school, post office, creamery and railway station; good house, cowshed and outbuildings; price and terms on application.
Printed and Published by Archibald Sando, Talmai Terrace, Lyall Bay, for the Wellington Publishing Company, Limited, at the Registered Office of the Company, Dominion Avenue, Wellington, Thursday, June 15, 1916.
